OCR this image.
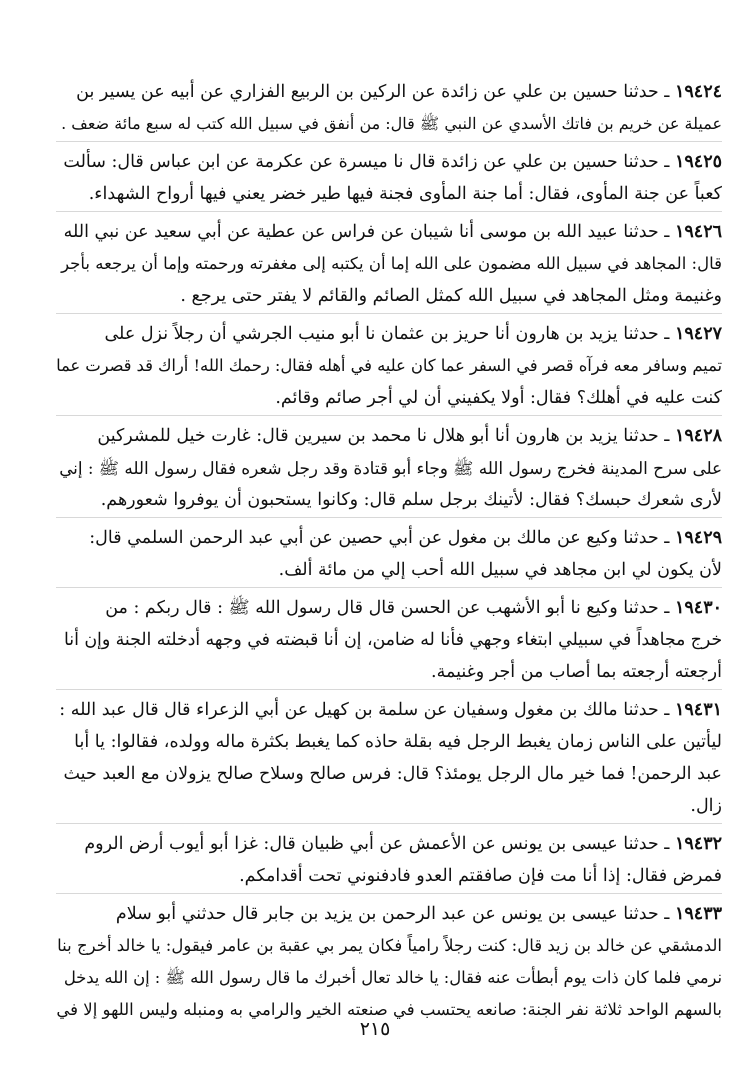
١٩٤٢٤ ـ حدثنا حسين بن علي عن زائدة عن الركين بن الربيع الفزاري عن أبيه عن يسير بن
عميلة عن خريم بن فاتك الأسدي عن النبي ﷺ قال: من أنفق في سبيل الله كتب له سبع مائة ضعف .
١٩٤٢٥ ـ حدثنا حسين بن علي عن زائدة قال نا ميسرة عن عكرمة عن ابن عباس قال: سألت
كعباً عن جنة المأوى، فقال: أما جنة المأوى فجنة فيها طير خضر يعني فيها أرواح الشهداء.
١٩٤٢٦ ـ حدثنا عبيد الله بن موسى أنا شيبان عن فراس عن عطية عن أبي سعيد عن نبي الله
قال: المجاهد في سبيل الله مضمون على الله إما أن يكتبه إلى مغفرته ورحمته وإما أن يرجعه بأجر
وغنيمة ومثل المجاهد في سبيل الله كمثل الصائم والقائم لا يفتر حتى يرجع .
١٩٤٢٧ ـ حدثنا يزيد بن هارون أنا حريز بن عثمان نا أبو منيب الجرشي أن رجلاً نزل على
تميم وسافر معه فرآه قصر في السفر عما كان عليه في أهله فقال: رحمك الله! أراك قد قصرت عما
كنت عليه في أهلك؟ فقال: أولا يكفيني أن لي أجر صائم وقائم.
١٩٤٢٨ ـ حدثنا يزيد بن هارون أنا أبو هلال نا محمد بن سيرين قال: غارت خيل للمشركين
على سرح المدينة فخرج رسول الله ﷺ وجاء أبو قتادة وقد رجل شعره فقال رسول الله ﷺ : إني
لأرى شعرك حبسك؟ فقال: لأتينك برجل سلم قال: وكانوا يستحبون أن يوفروا شعورهم.
١٩٤٢٩ ـ حدثنا وكيع عن مالك بن مغول عن أبي حصين عن أبي عبد الرحمن السلمي قال:
لأن يكون لي ابن مجاهد في سبيل الله أحب إلي من مائة ألف.
١٩٤٣٠ ـ حدثنا وكيع نا أبو الأشهب عن الحسن قال قال رسول الله ﷺ : قال ربكم : من
خرج مجاهداً في سبيلي ابتغاء وجهي فأنا له ضامن، إن أنا قبضته في وجهه أدخلته الجنة وإن أنا
أرجعته أرجعته بما أصاب من أجر وغنيمة.
١٩٤٣١ ـ حدثنا مالك بن مغول وسفيان عن سلمة بن كهيل عن أبي الزعراء قال قال عبد الله :
ليأتين على الناس زمان يغبط الرجل فيه بقلة حاذه كما يغبط بكثرة ماله وولده، فقالوا: يا أبا
عبد الرحمن! فما خير مال الرجل يومئذ؟ قال: فرس صالح وسلاح صالح يزولان مع العبد حيث
زال.
١٩٤٣٢ ـ حدثنا عيسى بن يونس عن الأعمش عن أبي ظبيان قال: غزا أبو أيوب أرض الروم
فمرض فقال: إذا أنا مت فإن صافقتم العدو فادفنوني تحت أقدامكم.
١٩٤٣٣ ـ حدثنا عيسى بن يونس عن عبد الرحمن بن يزيد بن جابر قال حدثني أبو سلام
الدمشقي عن خالد بن زيد قال: كنت رجلاً رامياً فكان يمر بي عقبة بن عامر فيقول: يا خالد أخرج بنا
نرمي فلما كان ذات يوم أبطأت عنه فقال: يا خالد تعال أخبرك ما قال رسول الله ﷺ : إن الله يدخل
بالسهم الواحد ثلاثة نفر الجنة: صانعه يحتسب في صنعته الخير والرامي به ومنبله وليس اللهو إلا في
٢١٥
